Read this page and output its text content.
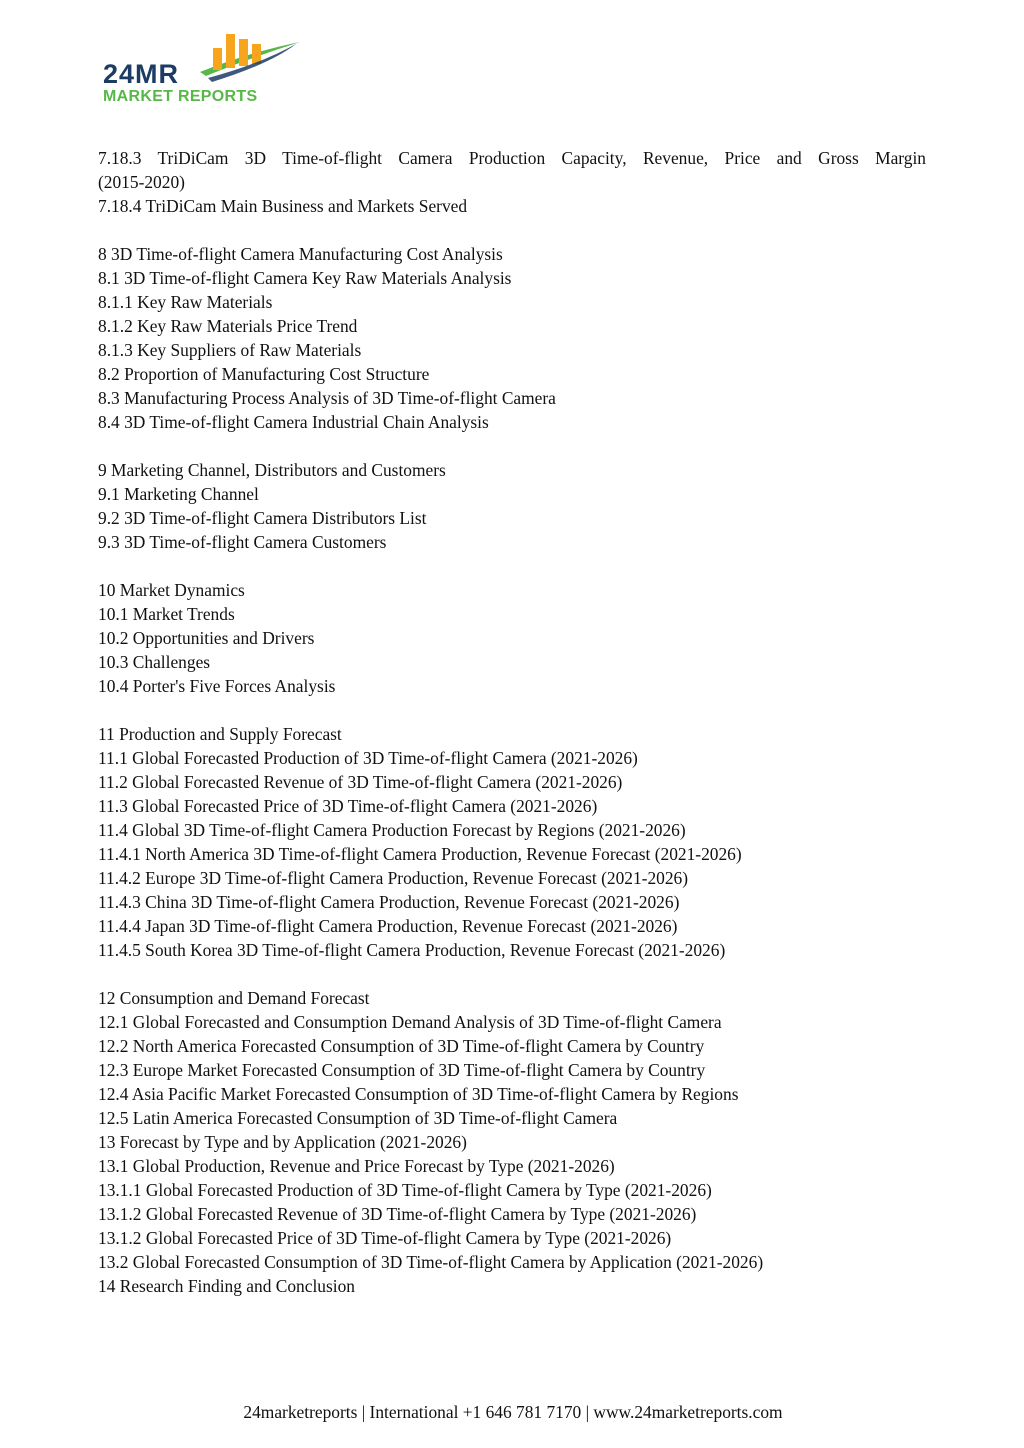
24MR
MARKET REPORTS
7.18.3 TriDiCam 3D Time-of-flight Camera Production Capacity, Revenue, Price and Gross Margin
(2015-2020)
7.18.4 TriDiCam Main Business and Markets Served
8 3D Time-of-flight Camera Manufacturing Cost Analysis
8.1 3D Time-of-flight Camera Key Raw Materials Analysis
8.1.1 Key Raw Materials
8.1.2 Key Raw Materials Price Trend
8.1.3 Key Suppliers of Raw Materials
8.2 Proportion of Manufacturing Cost Structure
8.3 Manufacturing Process Analysis of 3D Time-of-flight Camera
8.4 3D Time-of-flight Camera Industrial Chain Analysis
9 Marketing Channel, Distributors and Customers
9.1 Marketing Channel
9.2 3D Time-of-flight Camera Distributors List
9.3 3D Time-of-flight Camera Customers
10 Market Dynamics
10.1 Market Trends
10.2 Opportunities and Drivers
10.3 Challenges
10.4 Porter's Five Forces Analysis
11 Production and Supply Forecast
11.1 Global Forecasted Production of 3D Time-of-flight Camera (2021-2026)
11.2 Global Forecasted Revenue of 3D Time-of-flight Camera (2021-2026)
11.3 Global Forecasted Price of 3D Time-of-flight Camera (2021-2026)
11.4 Global 3D Time-of-flight Camera Production Forecast by Regions (2021-2026)
11.4.1 North America 3D Time-of-flight Camera Production, Revenue Forecast (2021-2026)
11.4.2 Europe 3D Time-of-flight Camera Production, Revenue Forecast (2021-2026)
11.4.3 China 3D Time-of-flight Camera Production, Revenue Forecast (2021-2026)
11.4.4 Japan 3D Time-of-flight Camera Production, Revenue Forecast (2021-2026)
11.4.5 South Korea 3D Time-of-flight Camera Production, Revenue Forecast (2021-2026)
12 Consumption and Demand Forecast
12.1 Global Forecasted and Consumption Demand Analysis of 3D Time-of-flight Camera
12.2 North America Forecasted Consumption of 3D Time-of-flight Camera by Country
12.3 Europe Market Forecasted Consumption of 3D Time-of-flight Camera by Country
12.4 Asia Pacific Market Forecasted Consumption of 3D Time-of-flight Camera by Regions
12.5 Latin America Forecasted Consumption of 3D Time-of-flight Camera
13 Forecast by Type and by Application (2021-2026)
13.1 Global Production, Revenue and Price Forecast by Type (2021-2026)
13.1.1 Global Forecasted Production of 3D Time-of-flight Camera by Type (2021-2026)
13.1.2 Global Forecasted Revenue of 3D Time-of-flight Camera by Type (2021-2026)
13.1.2 Global Forecasted Price of 3D Time-of-flight Camera by Type (2021-2026)
13.2 Global Forecasted Consumption of 3D Time-of-flight Camera by Application (2021-2026)
14 Research Finding and Conclusion
24marketreports | International +1 646 781 7170 | www.24marketreports.com
